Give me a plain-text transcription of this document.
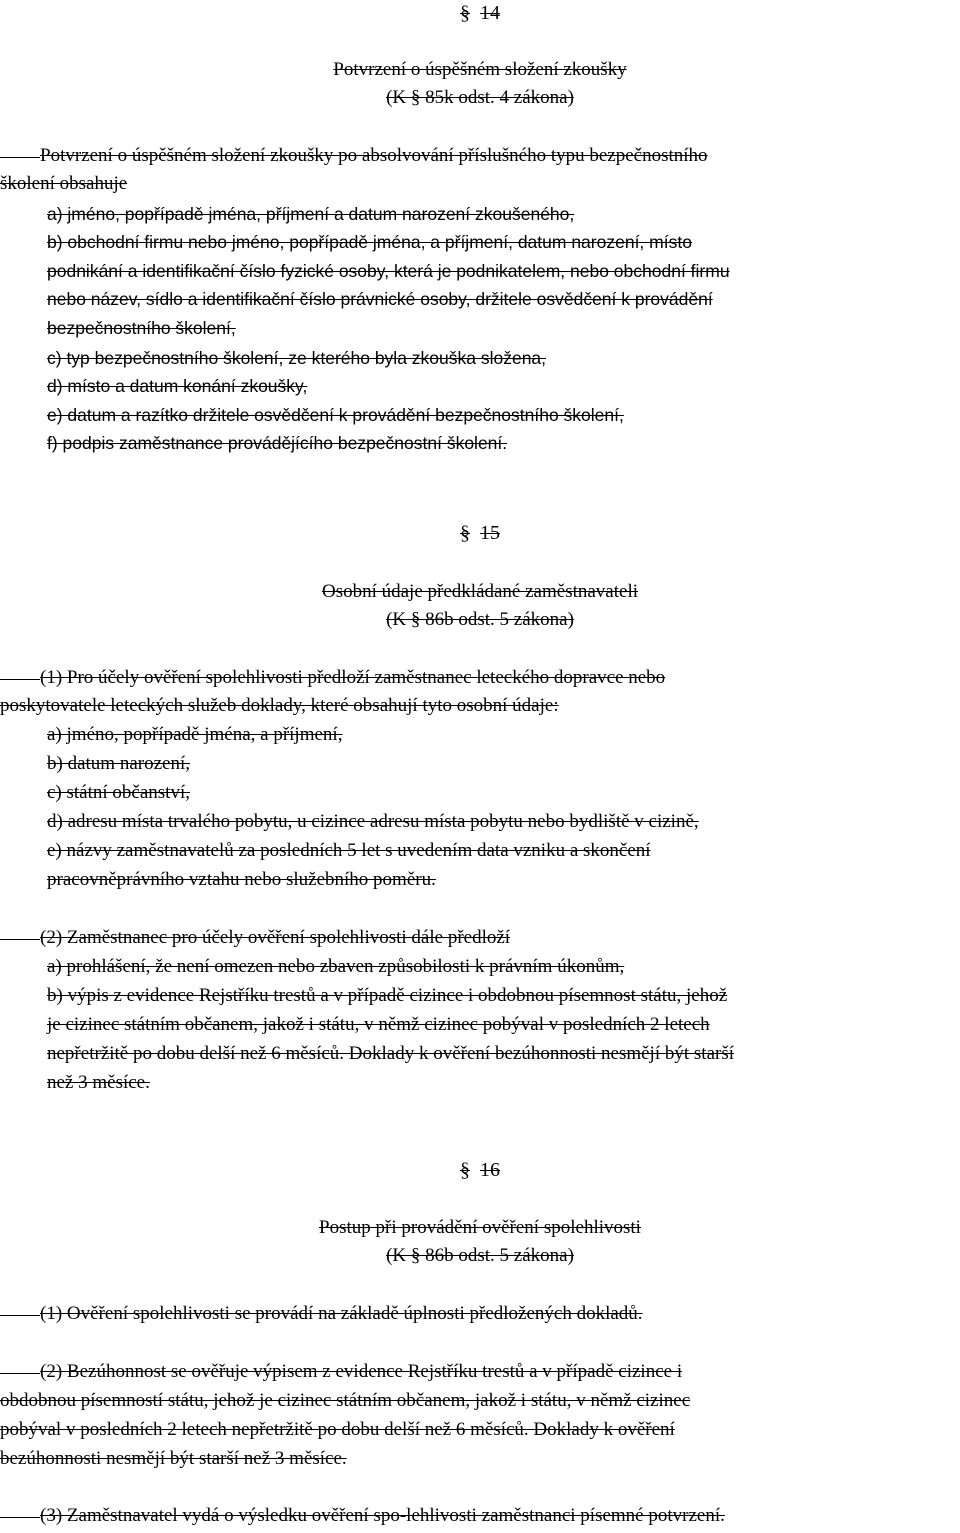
§ 14
Potvrzení o úspěšném složení zkoušky
(K § 85k odst. 4 zákona)
Potvrzení o úspěšném složení zkoušky po absolvování příslušného typu bezpečnostního
školení obsahuje
a) jméno, popřípadě jména, příjmení a datum narození zkoušeného,
b) obchodní firmu nebo jméno, popřípadě jména, a příjmení, datum narození, místo
podnikání a identifikační číslo fyzické osoby, která je podnikatelem, nebo obchodní firmu
nebo název, sídlo a identifikační číslo právnické osoby, držitele osvědčení k provádění
bezpečnostního školení,
c) typ bezpečnostního školení, ze kterého byla zkouška složena,
d) místo a datum konání zkoušky,
e) datum a razítko držitele osvědčení k provádění bezpečnostního školení,
f) podpis zaměstnance provádějícího bezpečnostní školení.
§ 15
Osobní údaje předkládané zaměstnavateli
(K § 86b odst. 5 zákona)
(1) Pro účely ověření spolehlivosti předloží zaměstnanec leteckého dopravce nebo
poskytovatele leteckých služeb doklady, které obsahují tyto osobní údaje:
a) jméno, popřípadě jména, a příjmení,
b) datum narození,
c) státní občanství,
d) adresu místa trvalého pobytu, u cizince adresu místa pobytu nebo bydliště v cizině,
e) názvy zaměstnavatelů za posledních 5 let s uvedením data vzniku a skončení
pracovněprávního vztahu nebo služebního poměru.
(2) Zaměstnanec pro účely ověření spolehlivosti dále předloží
a) prohlášení, že není omezen nebo zbaven způsobilosti k právním úkonům,
b) výpis z evidence Rejstříku trestů a v případě cizince i obdobnou písemnost státu, jehož
je cizinec státním občanem, jakož i státu, v němž cizinec pobýval v posledních 2 letech
nepřetržitě po dobu delší než 6 měsíců. Doklady k ověření bezúhonnosti nesmějí být starší
než 3 měsíce.
§ 16
Postup při provádění ověření spolehlivosti
(K § 86b odst. 5 zákona)
(1) Ověření spolehlivosti se provádí na základě úplnosti předložených dokladů.
(2) Bezúhonnost se ověřuje výpisem z evidence Rejstříku trestů a v případě cizince i
obdobnou písemností státu, jehož je cizinec státním občanem, jakož i státu, v němž cizinec
pobýval v posledních 2 letech nepřetržitě po dobu delší než 6 měsíců. Doklady k ověření
bezúhonnosti nesmějí být starší než 3 měsíce.
(3) Zaměstnavatel vydá o výsledku ověření spo-lehlivosti zaměstnanci písemné potvrzení.
